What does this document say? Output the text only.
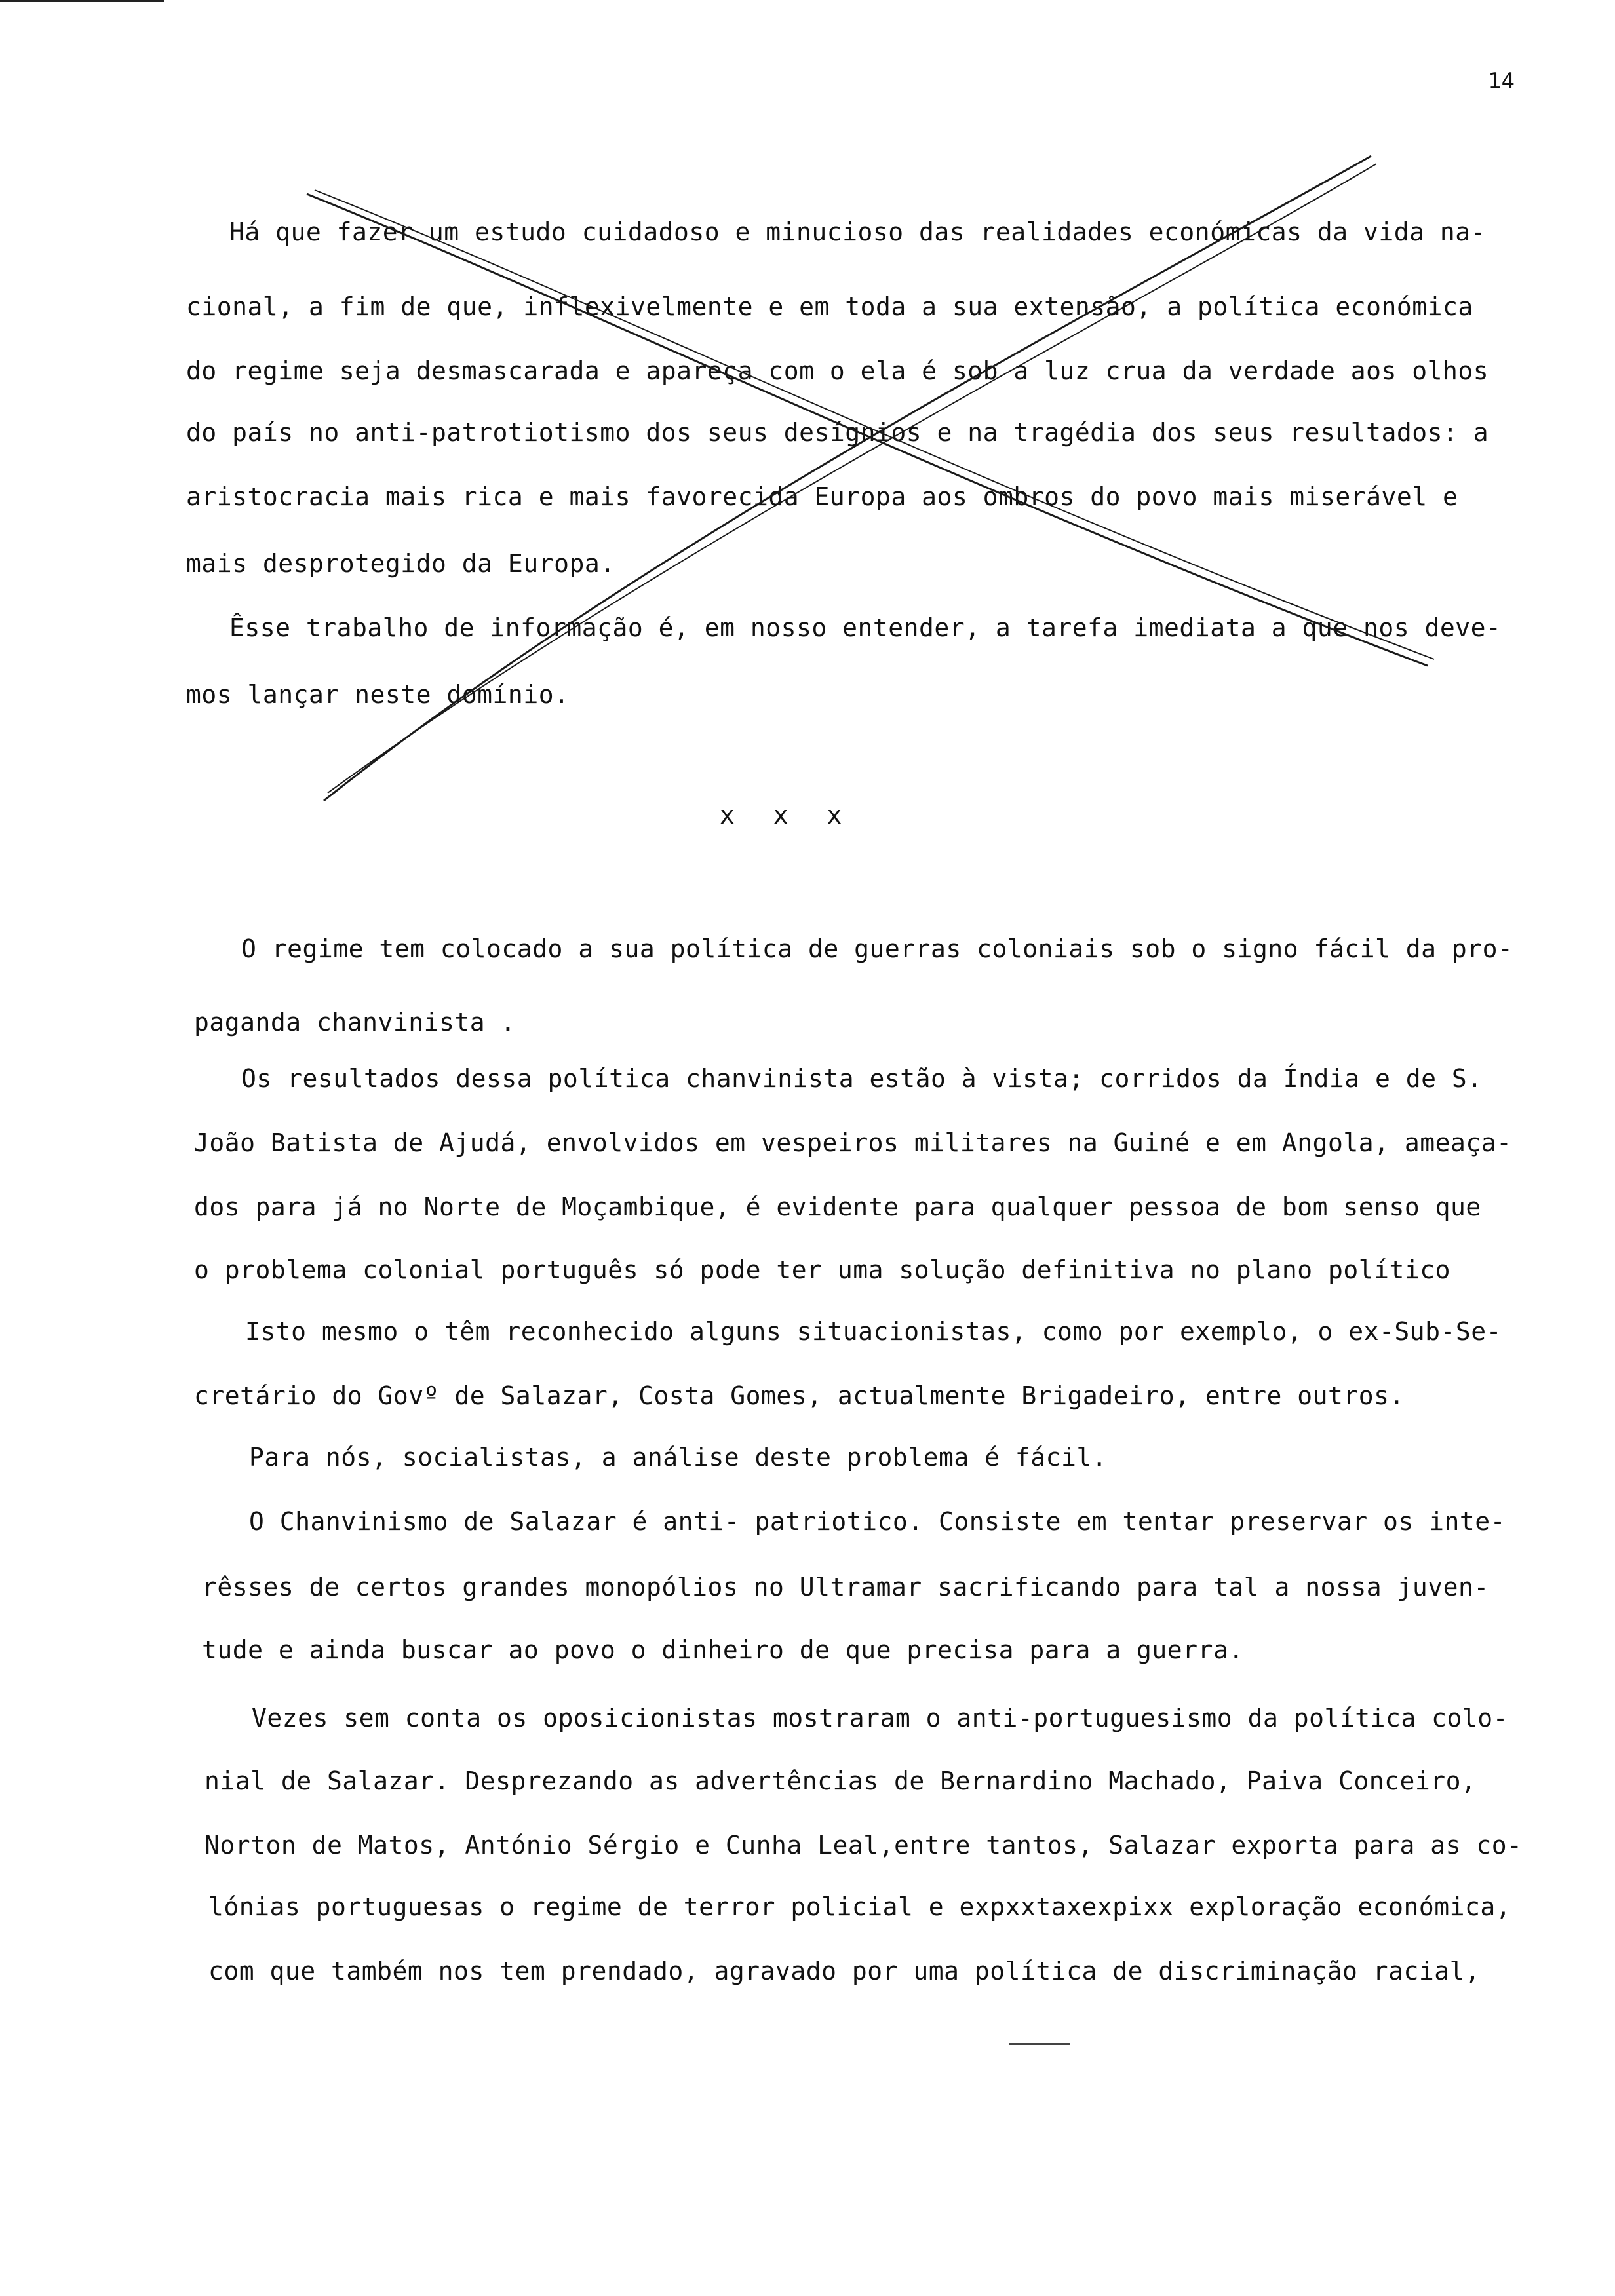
14
Há que fazer um estudo cuidadoso e minucioso das realidades económicas da vida na-
cional, a fim de que, inflexivelmente e em toda a sua extensão, a política económica
do regime seja desmascarada e apareça com o ela é sob a luz crua da verdade aos olhos
do país no anti-patrotiotismo dos seus desígnios e na tragédia dos seus resultados: a
aristocracia mais rica e mais favorecida Europa aos ombros do povo mais miserável e
mais desprotegido da Europa.
Êsse trabalho de informação é, em nosso entender, a tarefa imediata a que nos deve-
mos lançar neste domínio.
x x x
O regime tem colocado a sua política de guerras coloniais sob o signo fácil da pro-
paganda chanvinista .
Os resultados dessa política chanvinista estão à vista; corridos da Índia e de S.
João Batista de Ajudá, envolvidos em vespeiros militares na Guiné e em Angola, ameaça-
dos para já no Norte de Moçambique, é evidente para qualquer pessoa de bom senso que
o problema colonial português só pode ter uma solução definitiva no plano político
Isto mesmo o têm reconhecido alguns situacionistas, como por exemplo, o ex-Sub-Se-
cretário do Govº de Salazar, Costa Gomes, actualmente Brigadeiro, entre outros.
Para nós, socialistas, a análise deste problema é fácil.
O Chanvinismo de Salazar é anti- patriotico. Consiste em tentar preservar os inte-
rêsses de certos grandes monopólios no Ultramar sacrificando para tal a nossa juven-
tude e ainda buscar ao povo o dinheiro de que precisa para a guerra.
Vezes sem conta os oposicionistas mostraram o anti-portuguesismo da política colo-
nial de Salazar. Desprezando as advertências de Bernardino Machado, Paiva Conceiro,
Norton de Matos, António Sérgio e Cunha Leal,entre tantos, Salazar exporta para as co-
lónias portuguesas o regime de terror policial e expxxtaxexpixx exploração económica,
com que também nos tem prendado, agravado por uma política de discriminação racial,
